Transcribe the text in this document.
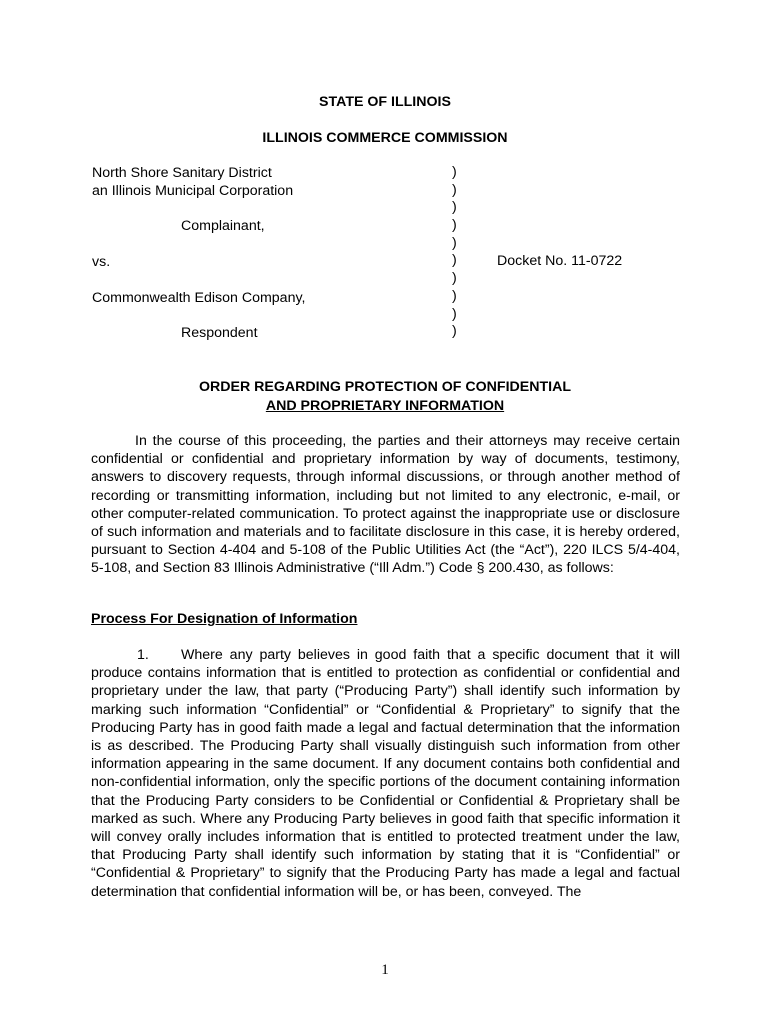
STATE OF ILLINOIS
ILLINOIS COMMERCE COMMISSION
North Shore Sanitary District
an Illinois Municipal Corporation
Complainant,
vs.
Commonwealth Edison Company,
Respondent
)
)
)
)
)
)
)
)
)
)
Docket No. 11-0722
ORDER REGARDING PROTECTION OF CONFIDENTIAL
AND PROPRIETARY INFORMATION
In the course of this proceeding, the parties and their attorneys may receive certain confidential or confidential and proprietary information by way of documents, testimony, answers to discovery requests, through informal discussions, or through another method of recording or transmitting information, including but not limited to any electronic, e-mail, or other computer-related communication. To protect against the inappropriate use or disclosure of such information and materials and to facilitate disclosure in this case, it is hereby ordered, pursuant to Section 4-404 and 5-108 of the Public Utilities Act (the “Act”), 220 ILCS 5/4-404, 5-108, and Section 83 Illinois Administrative (“Ill Adm.”) Code § 200.430, as follows:
Process For Designation of Information
1. Where any party believes in good faith that a specific document that it will produce contains information that is entitled to protection as confidential or confidential and proprietary under the law, that party (“Producing Party”) shall identify such information by marking such information “Confidential” or “Confidential & Proprietary” to signify that the Producing Party has in good faith made a legal and factual determination that the information is as described. The Producing Party shall visually distinguish such information from other information appearing in the same document. If any document contains both confidential and non-confidential information, only the specific portions of the document containing information that the Producing Party considers to be Confidential or Confidential & Proprietary shall be marked as such. Where any Producing Party believes in good faith that specific information it will convey orally includes information that is entitled to protected treatment under the law, that Producing Party shall identify such information by stating that it is “Confidential” or “Confidential & Proprietary” to signify that the Producing Party has made a legal and factual determination that confidential information will be, or has been, conveyed. The
1
